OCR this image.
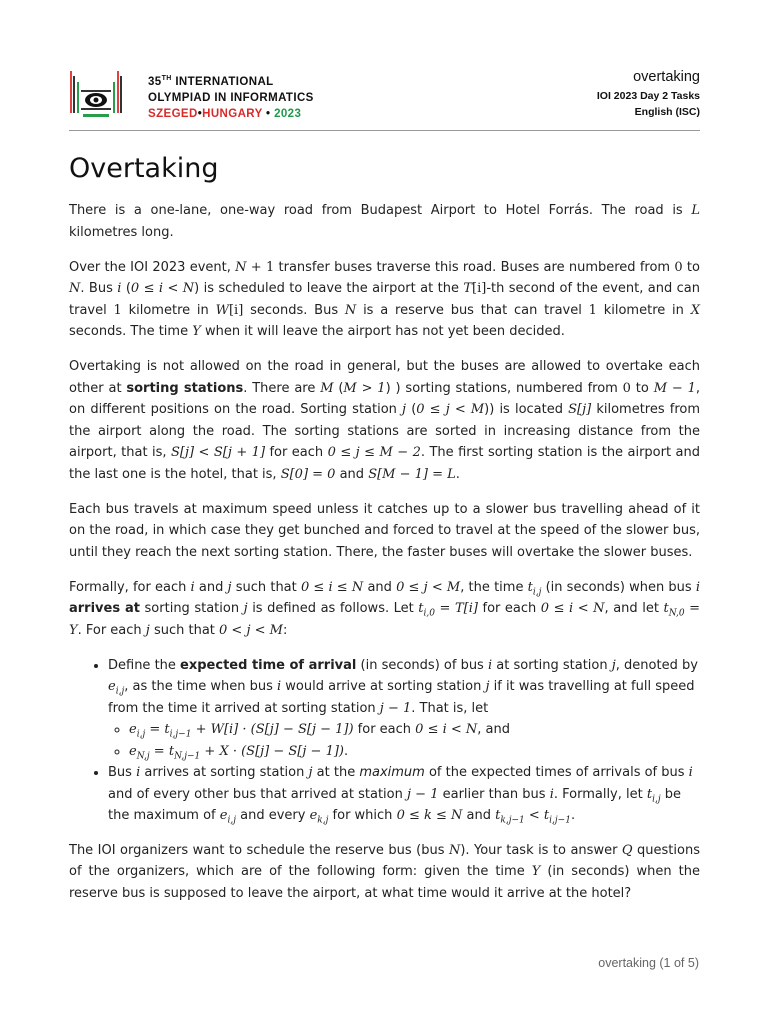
35TH INTERNATIONAL
OLYMPIAD IN INFORMATICS
SZEGED•HUNGARY • 2023
overtaking
IOI 2023 Day 2 Tasks
English (ISC)
Overtaking

There is a one-lane, one-way road from Budapest Airport to Hotel Forrás. The road is L kilometres long.

Over the IOI 2023 event, N + 1 transfer buses traverse this road. Buses are numbered from 0 to N. Bus i (0 ≤ i < N) is scheduled to leave the airport at the T[i]-th second of the event, and can travel 1 kilometre in W[i] seconds. Bus N is a reserve bus that can travel 1 kilometre in X seconds. The time Y when it will leave the airport has not yet been decided.

Overtaking is not allowed on the road in general, but the buses are allowed to overtake each other at sorting stations. There are M (M > 1) ) sorting stations, numbered from 0 to M − 1, on different positions on the road. Sorting station j (0 ≤ j < M)) is located S[j] kilometres from the airport along the road. The sorting stations are sorted in increasing distance from the airport, that is, S[j] < S[j + 1] for each 0 ≤ j ≤ M − 2. The first sorting station is the airport and the last one is the hotel, that is, S[0] = 0 and S[M − 1] = L.

Each bus travels at maximum speed unless it catches up to a slower bus travelling ahead of it on the road, in which case they get bunched and forced to travel at the speed of the slower bus, until they reach the next sorting station. There, the faster buses will overtake the slower buses.

Formally, for each i and j such that 0 ≤ i ≤ N and 0 ≤ j < M, the time $t_{i,j}$ (in seconds) when bus i arrives at sorting station j is defined as follows. Let $t_{i,0} = T[i]$ for each 0 ≤ i < N, and let $t_{N,0} = Y$. For each j such that 0 < j < M:

• Define the expected time of arrival (in seconds) of bus i at sorting station j, denoted by $e_{i,j}$, as the time when bus i would arrive at sorting station j if it was travelling at full speed from the time it arrived at sorting station j − 1. That is, let
◦ $e_{i,j} = t_{i,j-1} + W[i] \cdot (S[j] - S[j - 1])$ for each 0 ≤ i < N, and
◦ $e_{N,j} = t_{N,j-1} + X \cdot (S[j] - S[j - 1])$.
• Bus i arrives at sorting station j at the maximum of the expected times of arrivals of bus i and of every other bus that arrived at station j − 1 earlier than bus i. Formally, let $t_{i,j}$ be the maximum of $e_{i,j}$ and every $e_{k,j}$ for which 0 ≤ k ≤ N and $t_{k,j-1} < t_{i,j-1}$.

The IOI organizers want to schedule the reserve bus (bus N). Your task is to answer Q questions of the organizers, which are of the following form: given the time Y (in seconds) when the reserve bus is supposed to leave the airport, at what time would it arrive at the hotel?

overtaking (1 of 5)
